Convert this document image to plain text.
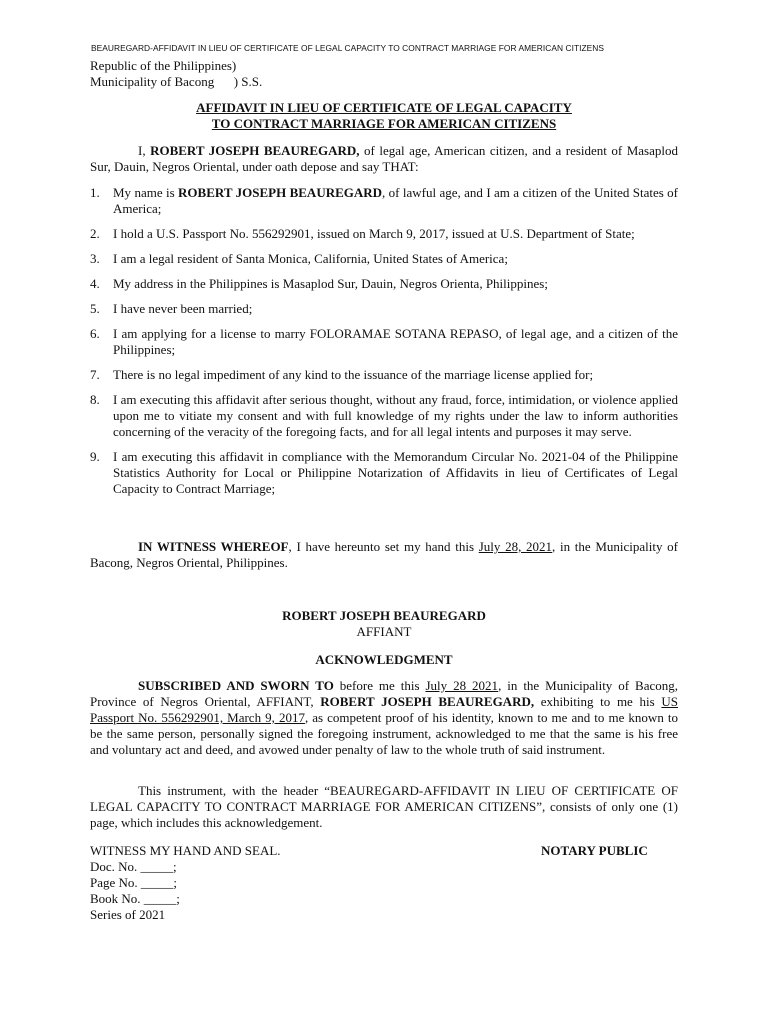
BEAUREGARD-AFFIDAVIT IN LIEU OF CERTIFICATE OF LEGAL CAPACITY TO CONTRACT MARRIAGE FOR AMERICAN CITIZENS
Republic of the Philippines)
Municipality of Bacong      ) S.S.
AFFIDAVIT IN LIEU OF CERTIFICATE OF LEGAL CAPACITY
TO CONTRACT MARRIAGE FOR AMERICAN CITIZENS
I, ROBERT JOSEPH BEAUREGARD, of legal age, American citizen, and a resident of Masaplod Sur, Dauin, Negros Oriental, under oath depose and say THAT:
1. My name is ROBERT JOSEPH BEAUREGARD, of lawful age, and I am a citizen of the United States of America;
2. I hold a U.S. Passport No. 556292901, issued on March 9, 2017, issued at U.S. Department of State;
3. I am a legal resident of Santa Monica, California, United States of America;
4. My address in the Philippines is Masaplod Sur, Dauin, Negros Orienta, Philippines;
5. I have never been married;
6. I am applying for a license to marry FOLORAMAE SOTANA REPASO, of legal age, and a citizen of the Philippines;
7. There is no legal impediment of any kind to the issuance of the marriage license applied for;
8. I am executing this affidavit after serious thought, without any fraud, force, intimidation, or violence applied upon me to vitiate my consent and with full knowledge of my rights under the law to inform authorities concerning of the veracity of the foregoing facts, and for all legal intents and purposes it may serve.
9. I am executing this affidavit in compliance with the Memorandum Circular No. 2021-04 of the Philippine Statistics Authority for Local or Philippine Notarization of Affidavits in lieu of Certificates of Legal Capacity to Contract Marriage;
IN WITNESS WHEREOF, I have hereunto set my hand this July 28, 2021, in the Municipality of Bacong, Negros Oriental, Philippines.
ROBERT JOSEPH BEAUREGARD
AFFIANT
ACKNOWLEDGMENT
SUBSCRIBED AND SWORN TO before me this July 28 2021, in the Municipality of Bacong, Province of Negros Oriental, AFFIANT, ROBERT JOSEPH BEAUREGARD, exhibiting to me his US Passport No. 556292901, March 9, 2017, as competent proof of his identity, known to me and to me known to be the same person, personally signed the foregoing instrument, acknowledged to me that the same is his free and voluntary act and deed, and avowed under penalty of law to the whole truth of said instrument.
This instrument, with the header “BEAUREGARD-AFFIDAVIT IN LIEU OF CERTIFICATE OF LEGAL CAPACITY TO CONTRACT MARRIAGE FOR AMERICAN CITIZENS”, consists of only one (1) page, which includes this acknowledgement.
WITNESS MY HAND AND SEAL.	NOTARY PUBLIC
Doc. No. _____;
Page No. _____;
Book No. _____;
Series of 2021
